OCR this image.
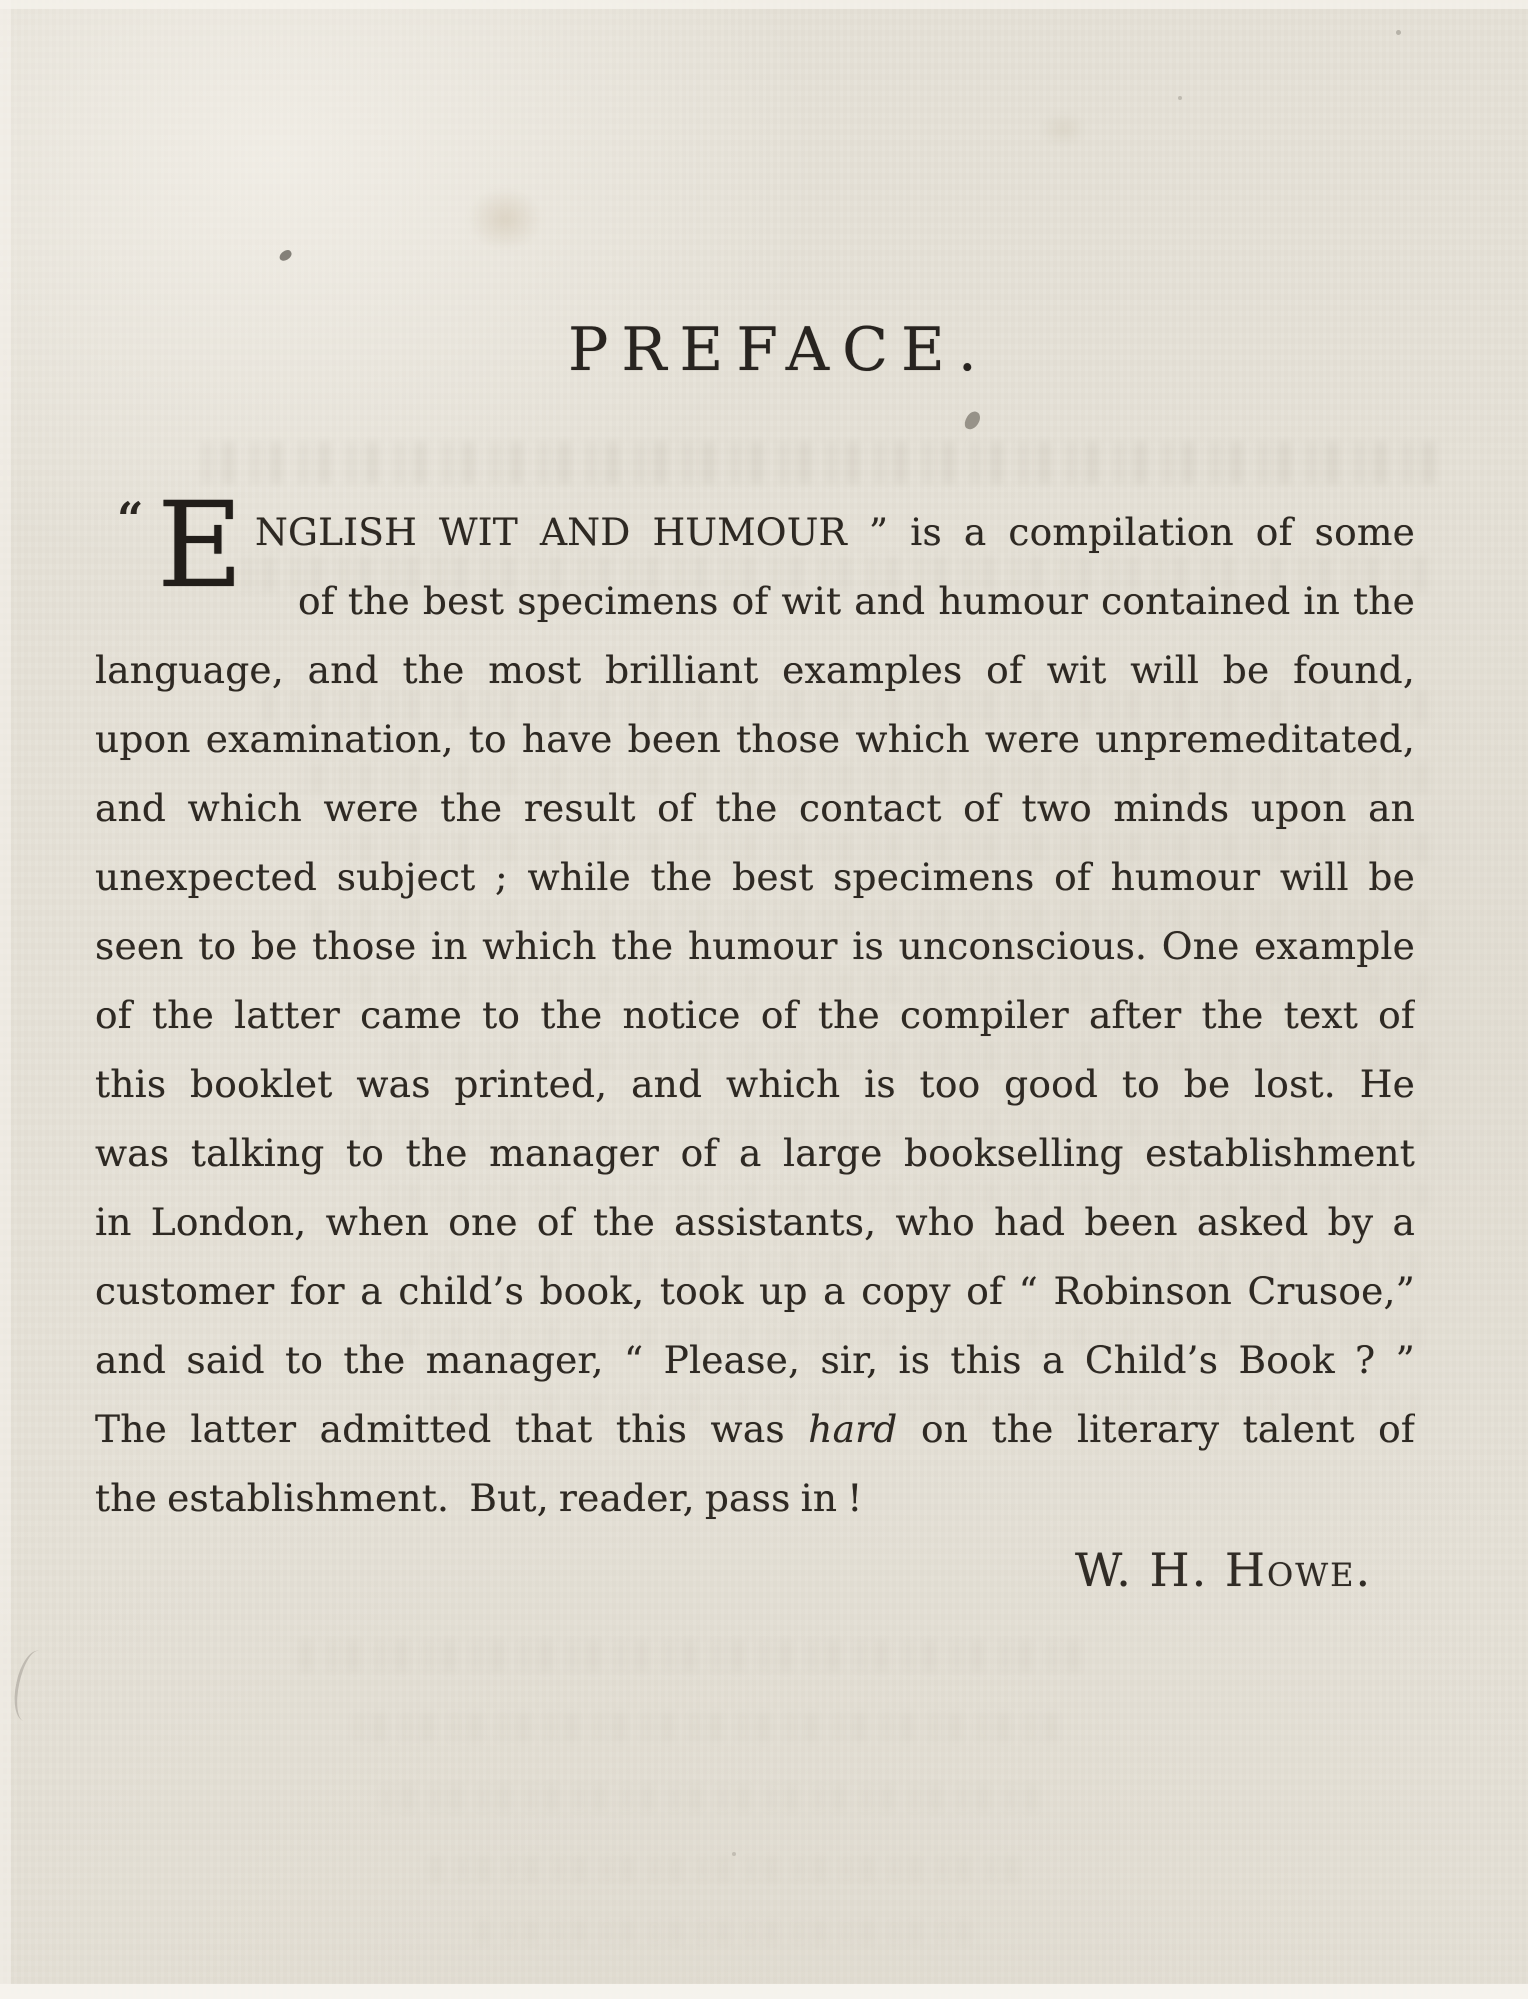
PREFACE.
“ E NGLISH WIT AND HUMOUR ” is a compilation of some
of the best specimens of wit and humour contained in the
language, and the most brilliant examples of wit will be found,
upon examination, to have been those which were unpremeditated,
and which were the result of the contact of two minds upon an
unexpected subject ; while the best specimens of humour will be
seen to be those in which the humour is unconscious. One example
of the latter came to the notice of the compiler after the text of
this booklet was printed, and which is too good to be lost. He
was talking to the manager of a large bookselling establishment
in London, when one of the assistants, who had been asked by a
customer for a child’s book, took up a copy of “ Robinson Crusoe,”
and said to the manager, “ Please, sir, is this a Child’s Book ? ”
The latter admitted that this was hard on the literary talent of
the establishment.  But, reader, pass in !
W. H. Howe.
